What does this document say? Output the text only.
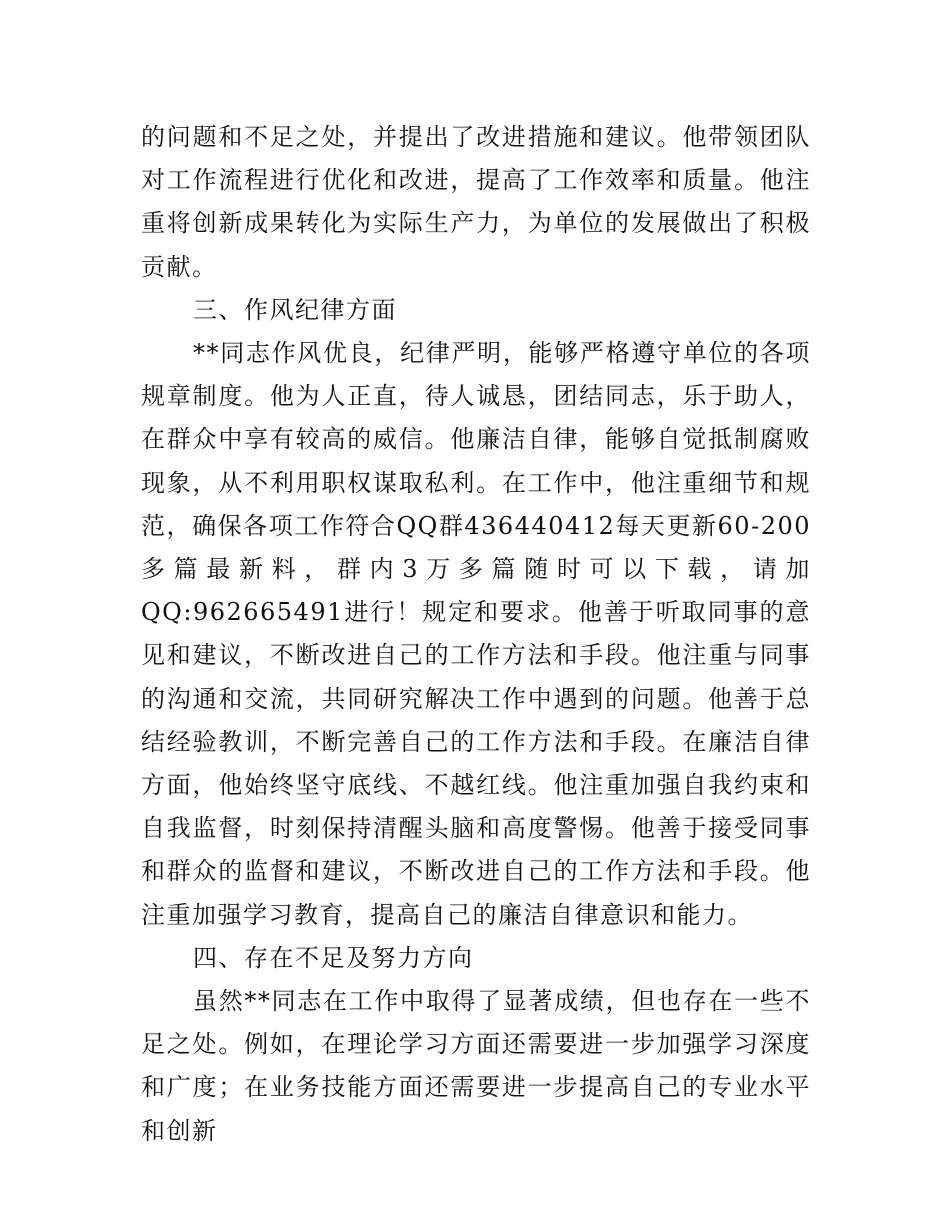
的问题和不足之处，并提出了改进措施和建议。他带领团队对工作流程进行优化和改进，提高了工作效率和质量。他注重将创新成果转化为实际生产力，为单位的发展做出了积极贡献。

三、作风纪律方面

**同志作风优良，纪律严明，能够严格遵守单位的各项规章制度。他为人正直，待人诚恳，团结同志，乐于助人，在群众中享有较高的威信。他廉洁自律，能够自觉抵制腐败现象，从不利用职权谋取私利。在工作中，他注重细节和规范，确保各项工作符合QQ群436440412每天更新60-200多篇最新料，群内3万多篇随时可以下载，请加QQ:962665491进行！规定和要求。他善于听取同事的意见和建议，不断改进自己的工作方法和手段。他注重与同事的沟通和交流，共同研究解决工作中遇到的问题。他善于总结经验教训，不断完善自己的工作方法和手段。在廉洁自律方面，他始终坚守底线、不越红线。他注重加强自我约束和自我监督，时刻保持清醒头脑和高度警惕。他善于接受同事和群众的监督和建议，不断改进自己的工作方法和手段。他注重加强学习教育，提高自己的廉洁自律意识和能力。

四、存在不足及努力方向

虽然**同志在工作中取得了显著成绩，但也存在一些不足之处。例如，在理论学习方面还需要进一步加强学习深度和广度；在业务技能方面还需要进一步提高自己的专业水平和创新
